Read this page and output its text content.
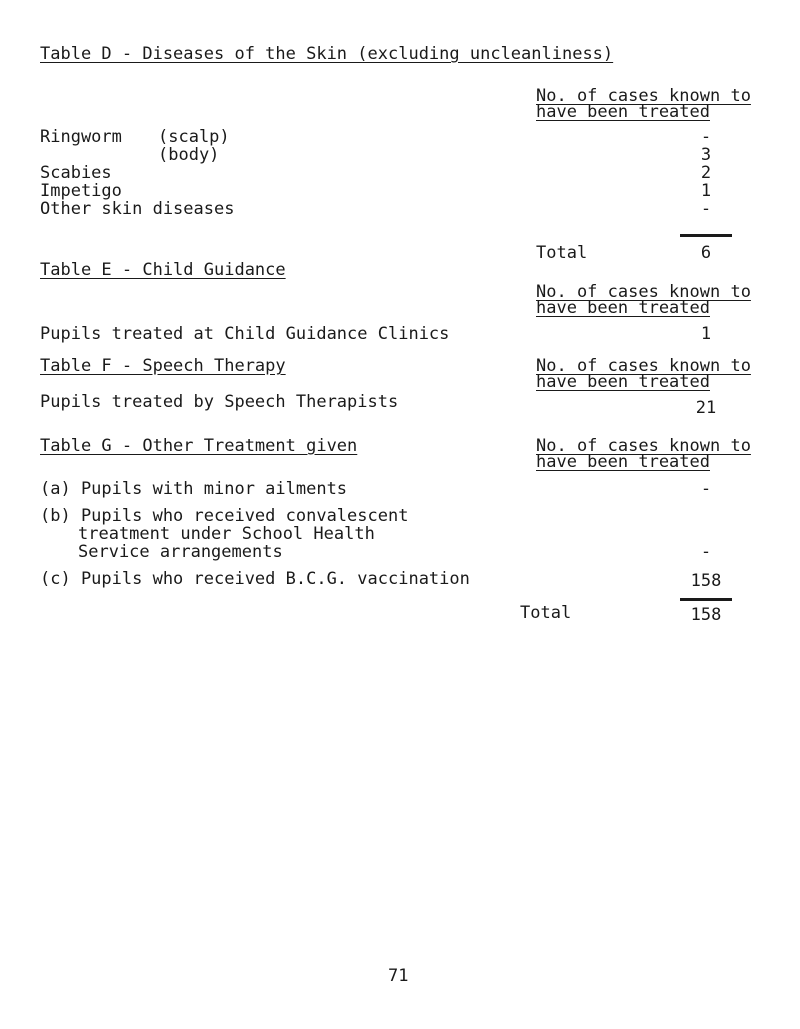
Table D - Diseases of the Skin (excluding uncleanliness)
No. of cases known to
have been treated
Ringworm (scalp)	-
(body)	3
Scabies	2
Impetigo	1
Other skin diseases	-
Total	6
Table E - Child Guidance
No. of cases known to
have been treated
Pupils treated at Child Guidance Clinics	1
Table F - Speech Therapy	No. of cases known to
have been treated
Pupils treated by Speech Therapists	21
Table G - Other Treatment given	No. of cases known to
have been treated
(a) Pupils with minor ailments	-
(b) Pupils who received convalescent
treatment under School Health
Service arrangements	-
(c) Pupils who received B.C.G. vaccination	158
Total	158
71
